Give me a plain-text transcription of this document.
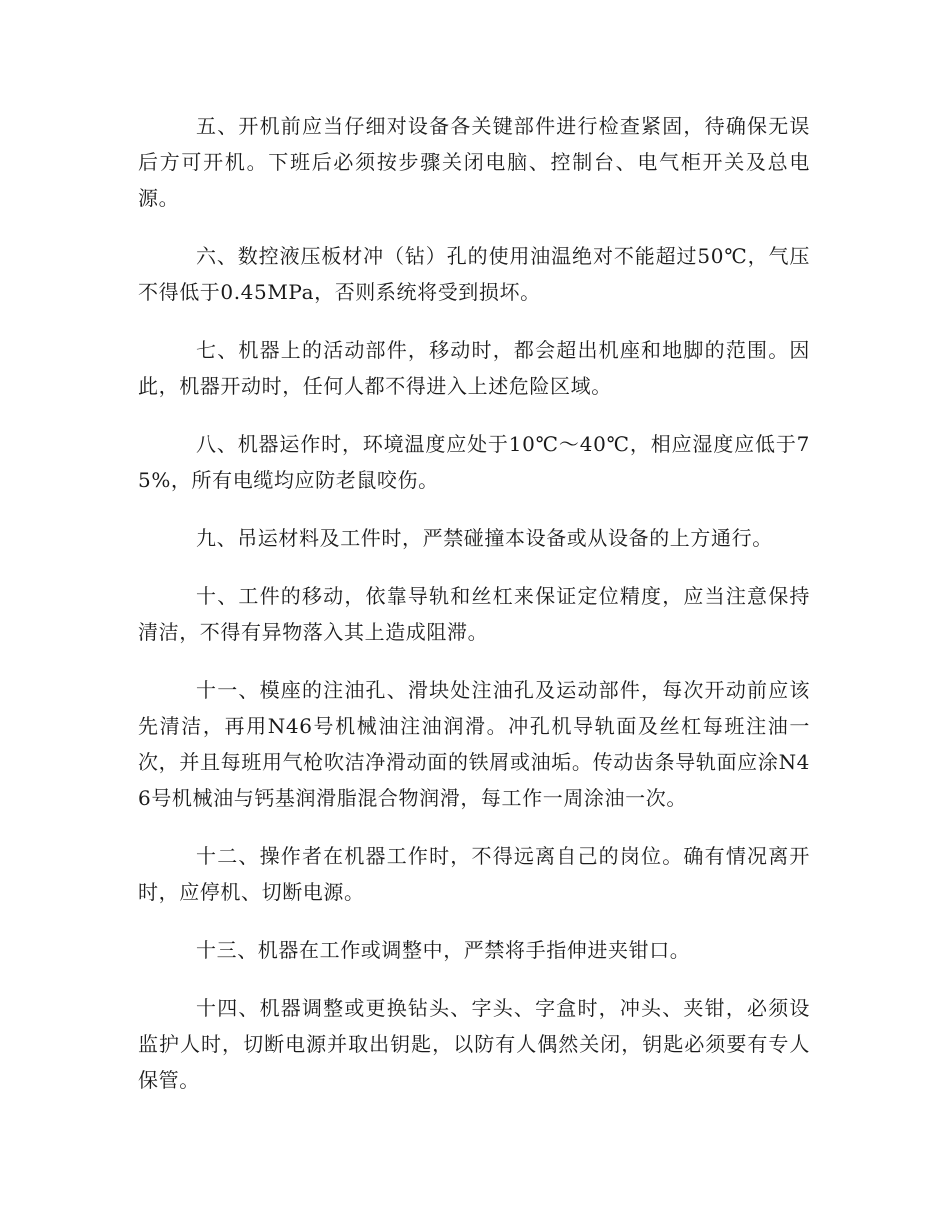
五、开机前应当仔细对设备各关键部件进行检查紧固，待确保无误后方可开机。下班后必须按步骤关闭电脑、控制台、电气柜开关及总电源。

六、数控液压板材冲（钻）孔的使用油温绝对不能超过50℃，气压不得低于0.45MPa，否则系统将受到损坏。

七、机器上的活动部件，移动时，都会超出机座和地脚的范围。因此，机器开动时，任何人都不得进入上述危险区域。

八、机器运作时，环境温度应处于10℃～40℃，相应湿度应低于75%，所有电缆均应防老鼠咬伤。

九、吊运材料及工件时，严禁碰撞本设备或从设备的上方通行。

十、工件的移动，依靠导轨和丝杠来保证定位精度，应当注意保持清洁，不得有异物落入其上造成阻滞。

十一、模座的注油孔、滑块处注油孔及运动部件，每次开动前应该先清洁，再用N46号机械油注油润滑。冲孔机导轨面及丝杠每班注油一次，并且每班用气枪吹洁净滑动面的铁屑或油垢。传动齿条导轨面应涂N46号机械油与钙基润滑脂混合物润滑，每工作一周涂油一次。

十二、操作者在机器工作时，不得远离自己的岗位。确有情况离开时，应停机、切断电源。

十三、机器在工作或调整中，严禁将手指伸进夹钳口。

十四、机器调整或更换钻头、字头、字盒时，冲头、夹钳，必须设监护人时，切断电源并取出钥匙，以防有人偶然关闭，钥匙必须要有专人保管。
